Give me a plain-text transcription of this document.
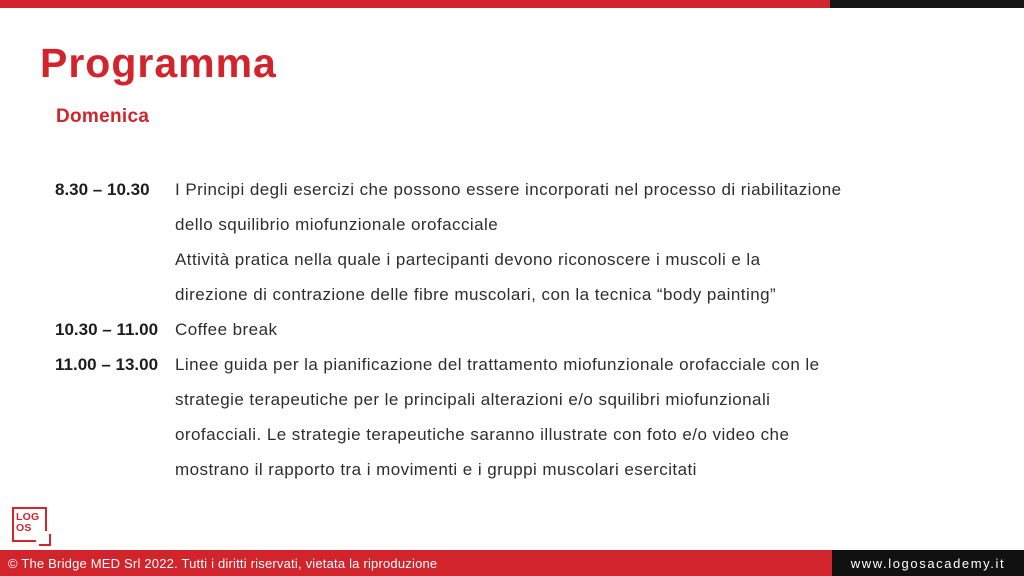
Programma
Domenica
8.30 – 10.30	I Principi degli esercizi che possono essere incorporati nel processo di riabilitazione
dello squilibrio miofunzionale orofacciale
Attività pratica nella quale i partecipanti devono riconoscere i muscoli e la
direzione di contrazione delle fibre muscolari, con la tecnica “body painting”
10.30 – 11.00 Coffee break
11.00 – 13.00 Linee guida per la pianificazione del trattamento miofunzionale orofacciale con le
strategie terapeutiche per le principali alterazioni e/o squilibri miofunzionali
orofacciali. Le strategie terapeutiche saranno illustrate con foto e/o video che
mostrano il rapporto tra i movimenti e i gruppi muscolari esercitati
LOG
OS
© The Bridge MED Srl 2022. Tutti i diritti riservati, vietata la riproduzione	www.logosacademy.it
